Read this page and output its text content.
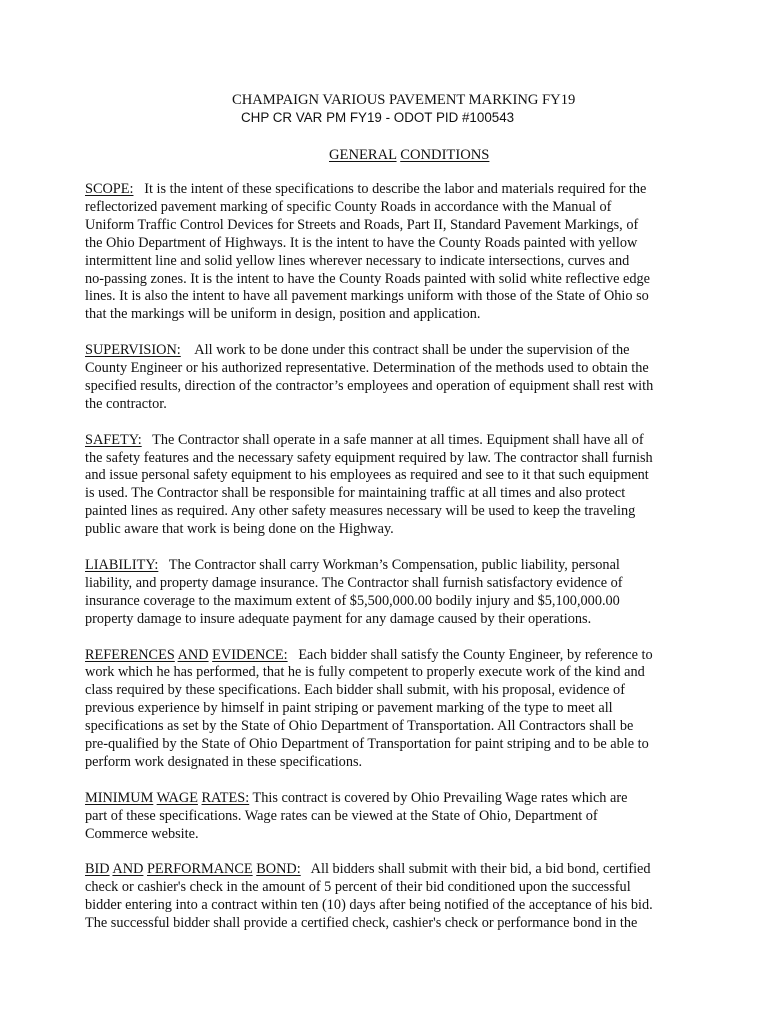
CHAMPAIGN VARIOUS PAVEMENT MARKING FY19
CHP CR VAR PM FY19 - ODOT PID #100543
GENERAL CONDITIONS

SCOPE: It is the intent of these specifications to describe the labor and materials required for the
reflectorized pavement marking of specific County Roads in accordance with the Manual of
Uniform Traffic Control Devices for Streets and Roads, Part II, Standard Pavement Markings, of
the Ohio Department of Highways. It is the intent to have the County Roads painted with yellow
intermittent line and solid yellow lines wherever necessary to indicate intersections, curves and
no-passing zones. It is the intent to have the County Roads painted with solid white reflective edge
lines. It is also the intent to have all pavement markings uniform with those of the State of Ohio so
that the markings will be uniform in design, position and application.

SUPERVISION: All work to be done under this contract shall be under the supervision of the
County Engineer or his authorized representative. Determination of the methods used to obtain the
specified results, direction of the contractor’s employees and operation of equipment shall rest with
the contractor.

SAFETY: The Contractor shall operate in a safe manner at all times. Equipment shall have all of
the safety features and the necessary safety equipment required by law. The contractor shall furnish
and issue personal safety equipment to his employees as required and see to it that such equipment
is used. The Contractor shall be responsible for maintaining traffic at all times and also protect
painted lines as required. Any other safety measures necessary will be used to keep the traveling
public aware that work is being done on the Highway.

LIABILITY: The Contractor shall carry Workman’s Compensation, public liability, personal
liability, and property damage insurance. The Contractor shall furnish satisfactory evidence of
insurance coverage to the maximum extent of $5,500,000.00 bodily injury and $5,100,000.00
property damage to insure adequate payment for any damage caused by their operations.

REFERENCES AND EVIDENCE: Each bidder shall satisfy the County Engineer, by reference to
work which he has performed, that he is fully competent to properly execute work of the kind and
class required by these specifications. Each bidder shall submit, with his proposal, evidence of
previous experience by himself in paint striping or pavement marking of the type to meet all
specifications as set by the State of Ohio Department of Transportation. All Contractors shall be
pre-qualified by the State of Ohio Department of Transportation for paint striping and to be able to
perform work designated in these specifications.

MINIMUM WAGE RATES: This contract is covered by Ohio Prevailing Wage rates which are
part of these specifications. Wage rates can be viewed at the State of Ohio, Department of
Commerce website.

BID AND PERFORMANCE BOND: All bidders shall submit with their bid, a bid bond, certified
check or cashier's check in the amount of 5 percent of their bid conditioned upon the successful
bidder entering into a contract within ten (10) days after being notified of the acceptance of his bid.
The successful bidder shall provide a certified check, cashier's check or performance bond in the
